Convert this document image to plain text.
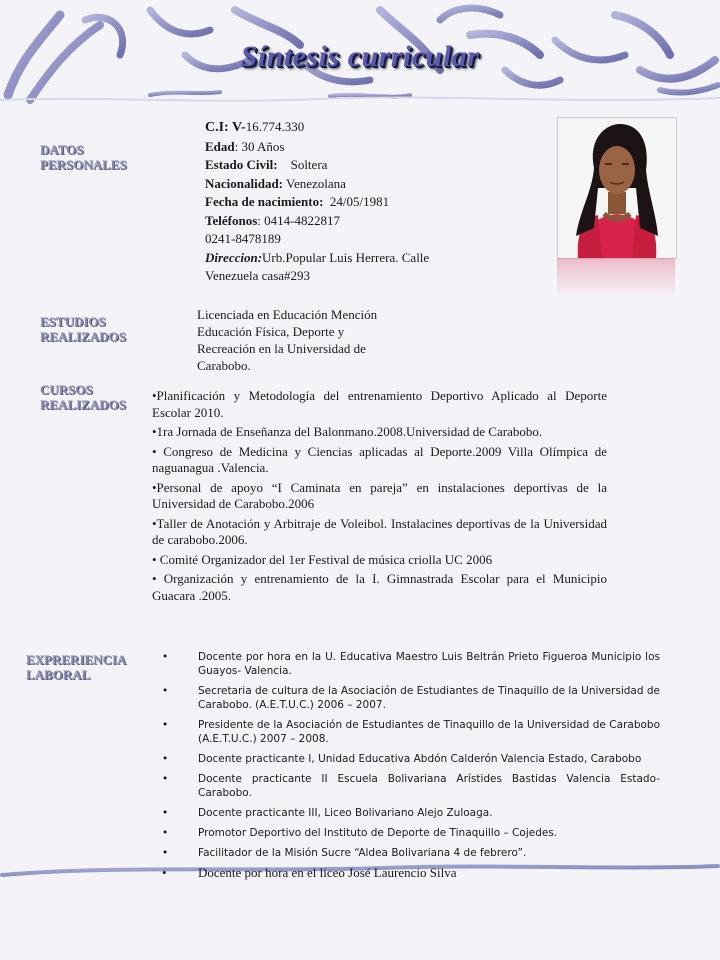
Síntesis curricular
DATOS PERSONALES
ESTUDIOS REALIZADOS
CURSOS REALIZADOS
EXPRERIENCIA LABORAL
C.I: V-16.774.330
Edad: 30 Años
Estado Civil: Soltera
Nacionalidad: Venezolana
Fecha de nacimiento: 24/05/1981
Teléfonos: 0414-4822817
0241-8478189
Direccion:Urb.Popular Luis Herrera. Calle Venezuela casa#293
Licenciada en Educación Mención Educación Física, Deporte y Recreación en la Universidad de Carabobo.

•Planificación y Metodología del entrenamiento Deportivo Aplicado al Deporte Escolar 2010.

•1ra Jornada de Enseñanza del Balonmano.2008.Universidad de Carabobo.

• Congreso de Medicina y Ciencias aplicadas al Deporte.2009 Villa Olímpica de naguanagua .Valencia.

•Personal de apoyo “I Caminata en pareja” en instalaciones deportivas de la Universidad de Carabobo.2006

•Taller de Anotación y Arbitraje de Voleibol. Instalacines deportivas de la Universidad de carabobo.2006.

• Comité Organizador del 1er Festival de música criolla UC 2006

• Organización y entrenamiento de la I. Gimnastrada Escolar para el Municipio Guacara .2005.

•	Docente por hora en la U. Educativa Maestro Luis Beltrán Prieto Figueroa Municipio los Guayos- Valencia.
•	Secretaria de cultura de la Asociación de Estudiantes de Tinaquillo de la Universidad de Carabobo. (A.E.T.U.C.) 2006 – 2007.
•	Presidente de la Asociación de Estudiantes de Tinaquillo de la Universidad de Carabobo (A.E.T.U.C.) 2007 – 2008.
•	Docente practicante I, Unidad Educativa Abdón Calderón Valencia Estado, Carabobo
•	Docente practicante II Escuela Bolivariana Arístides Bastidas Valencia Estado- Carabobo.
•	Docente practicante III, Liceo Bolivariano Alejo Zuloaga.
•	Promotor Deportivo del Instituto de Deporte de Tinaquillo – Cojedes.
•	Facilitador de la Misión Sucre “Aldea Bolivariana 4 de febrero”.
•	Docente por hora en el liceo José Laurencio Silva
